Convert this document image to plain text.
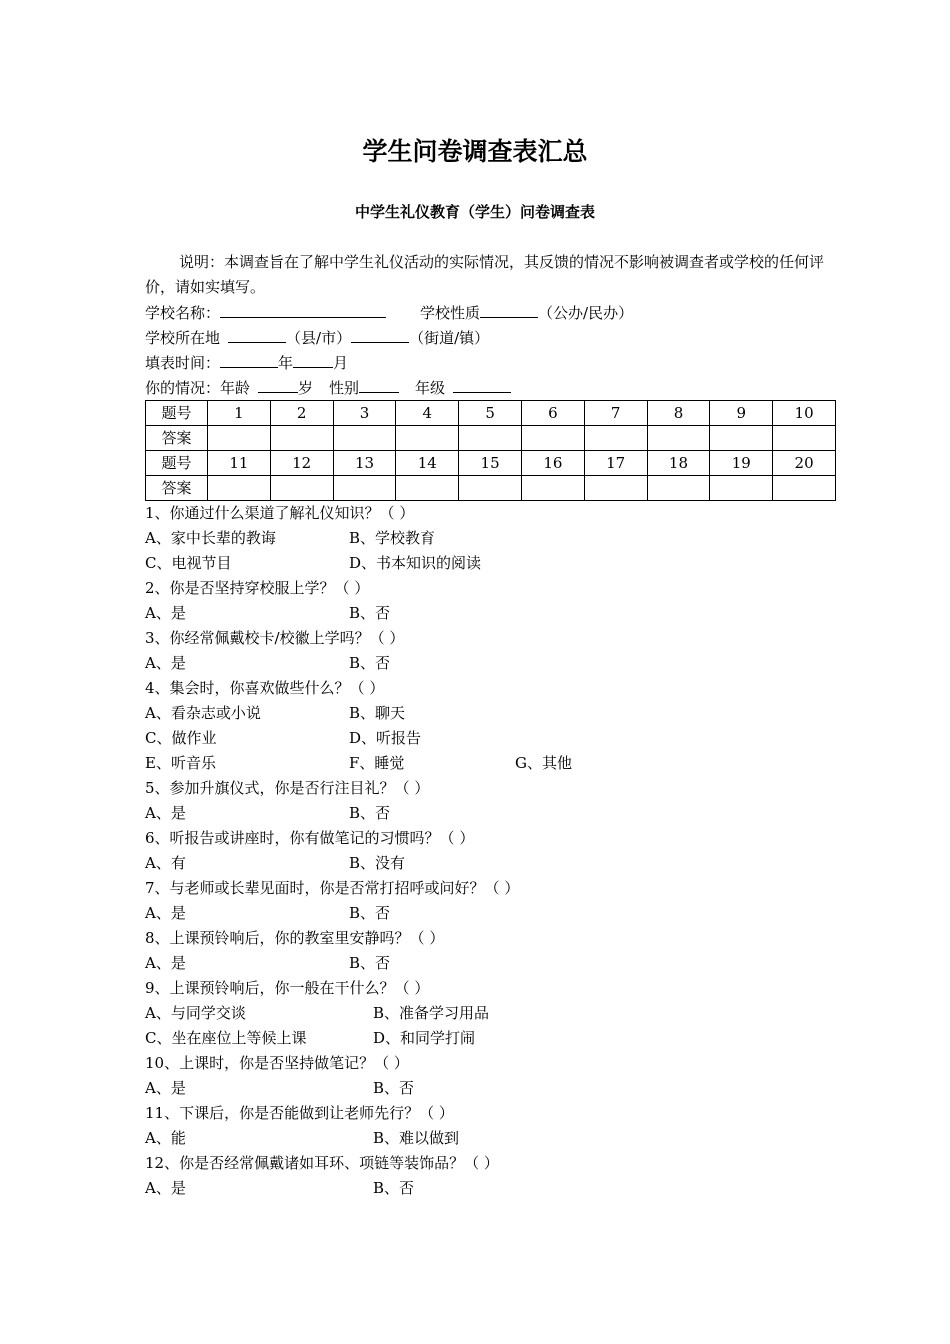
学生问卷调查表汇总
中学生礼仪教育（学生）问卷调查表
说明：本调查旨在了解中学生礼仪活动的实际情况，其反馈的情况不影响被调查者或学校的任何评价，请如实填写。
学校名称：	学校性质	（公办/民办）
学校所在地	（县/市）	（街道/镇）
填表时间：	年	月
你的情况：年龄	岁 性别	年级
题号	1	2	3	4	5	6	7	8	9	10
答案										
题号	11	12	13	14	15	16	17	18	19	20
答案										
1、你通过什么渠道了解礼仪知识？（ ）
A、家中长辈的教诲	B、学校教育
C、电视节目	D、书本知识的阅读
2、你是否坚持穿校服上学？（ ）
A、是	B、否
3、你经常佩戴校卡/校徽上学吗？（ ）
A、是	B、否
4、集会时，你喜欢做些什么？（ ）
A、看杂志或小说	B、聊天
C、做作业	D、听报告
E、听音乐	F、睡觉	G、其他
5、参加升旗仪式，你是否行注目礼？（ ）
A、是	B、否
6、听报告或讲座时，你有做笔记的习惯吗？（ ）
A、有	B、没有
7、与老师或长辈见面时，你是否常打招呼或问好？（ ）
A、是	B、否
8、上课预铃响后，你的教室里安静吗？（ ）
A、是	B、否
9、上课预铃响后，你一般在干什么？（ ）
A、与同学交谈	B、准备学习用品
C、坐在座位上等候上课	D、和同学打闹
10、上课时，你是否坚持做笔记？（ ）
A、是	B、否
11、下课后，你是否能做到让老师先行？（ ）
A、能	B、难以做到
12、你是否经常佩戴诸如耳环、项链等装饰品？（ ）
A、是	B、否
